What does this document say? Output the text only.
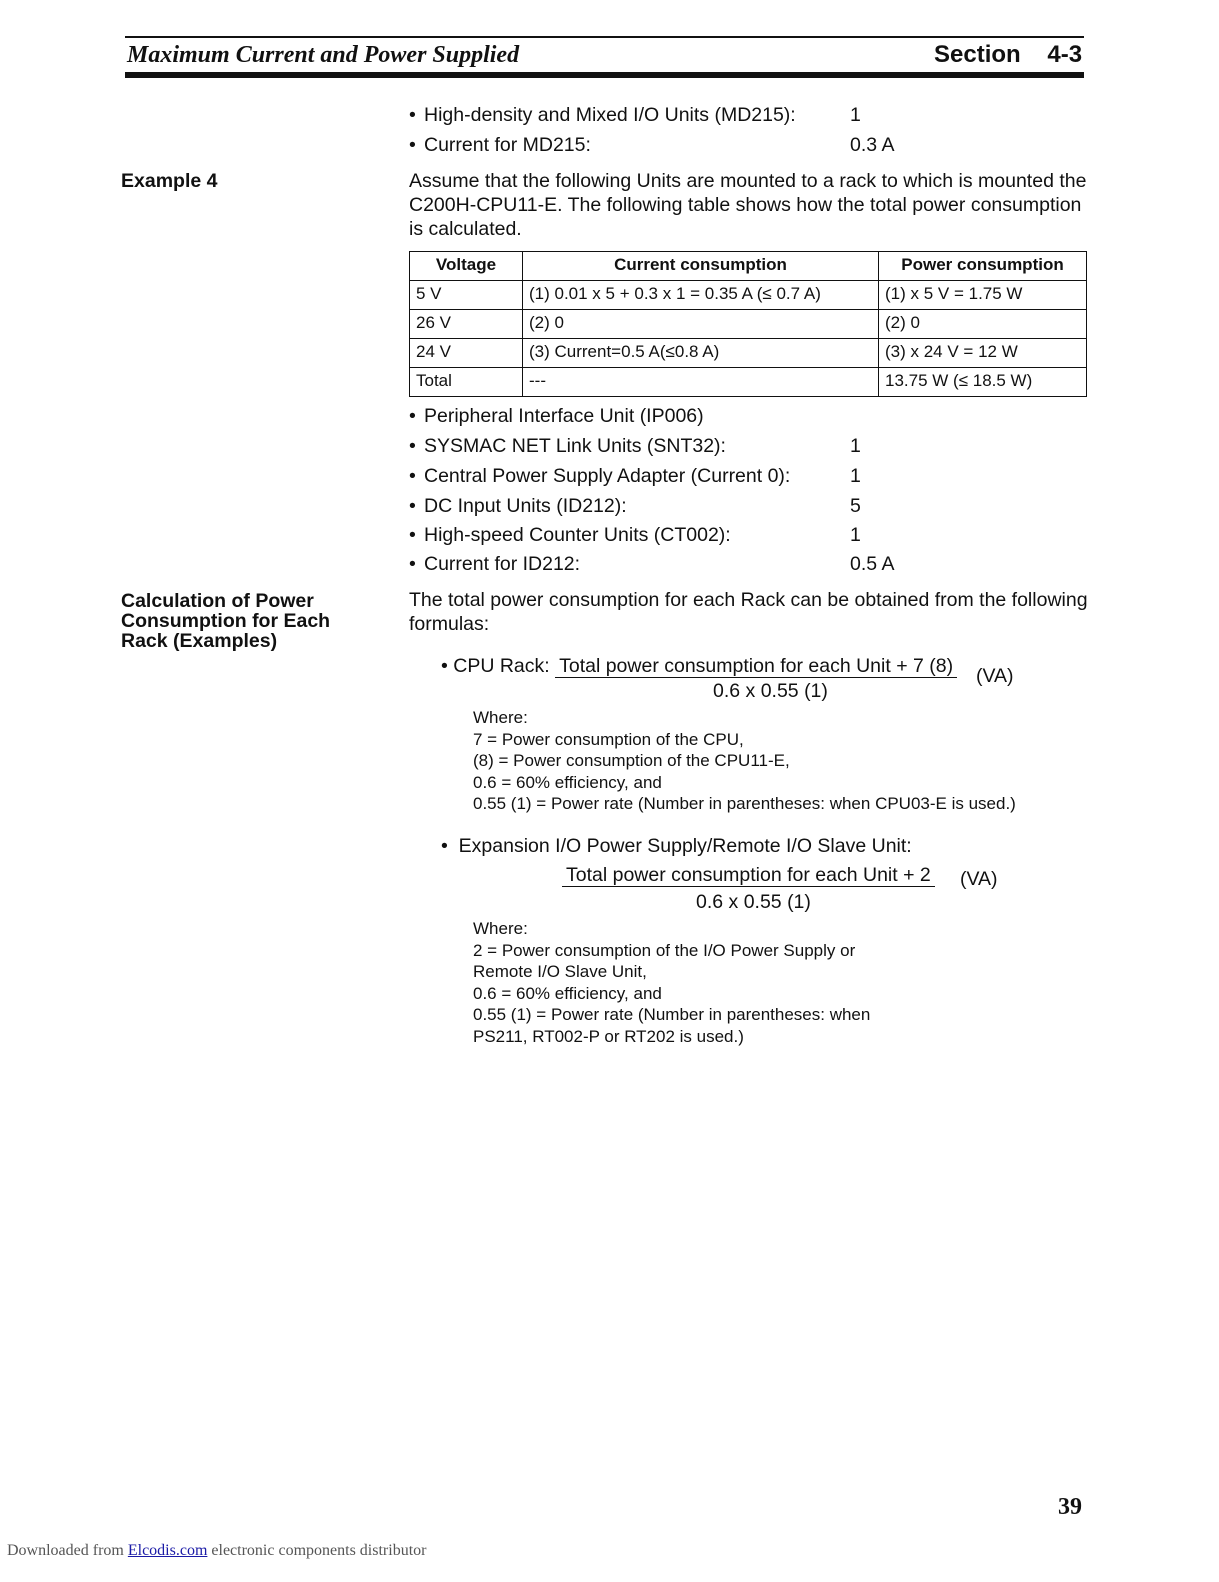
Maximum Current and Power Supplied	Section 4-3
• High-density and Mixed I/O Units (MD215):	1
• Current for MD215:	0.3 A
Example 4	Assume that the following Units are mounted to a rack to which is mounted the C200H-CPU11-E. The following table shows how the total power consumption is calculated.
Voltage	Current consumption	Power consumption
5 V	(1) 0.01 x 5 + 0.3 x 1 = 0.35 A (≤ 0.7 A)	(1) x 5 V = 1.75 W
26 V	(2) 0	(2) 0
24 V	(3) Current=0.5 A(≤0.8 A)	(3) x 24 V = 12 W
Total	---	13.75 W (≤ 18.5 W)
• Peripheral Interface Unit (IP006)
• SYSMAC NET Link Units (SNT32):	1
• Central Power Supply Adapter (Current 0):	1
• DC Input Units (ID212):	5
• High-speed Counter Units (CT002):	1
• Current for ID212:	0.5 A
Calculation of Power Consumption for Each Rack (Examples)
The total power consumption for each Rack can be obtained from the following formulas:
• CPU Rack: Total power consumption for each Unit + 7 (8) (VA)
0.6 x 0.55 (1)
Where:
7 = Power consumption of the CPU,
(8) = Power consumption of the CPU11-E,
0.6 = 60% efficiency, and
0.55 (1) = Power rate (Number in parentheses: when CPU03-E is used.)
•  Expansion I/O Power Supply/Remote I/O Slave Unit:
Total power consumption for each Unit + 2 (VA)
0.6 x 0.55 (1)
Where:
2 = Power consumption of the I/O Power Supply or
Remote I/O Slave Unit,
0.6 = 60% efficiency, and
0.55 (1) = Power rate (Number in parentheses: when
PS211, RT002-P or RT202 is used.)
39
Downloaded from Elcodis.com electronic components distributor
